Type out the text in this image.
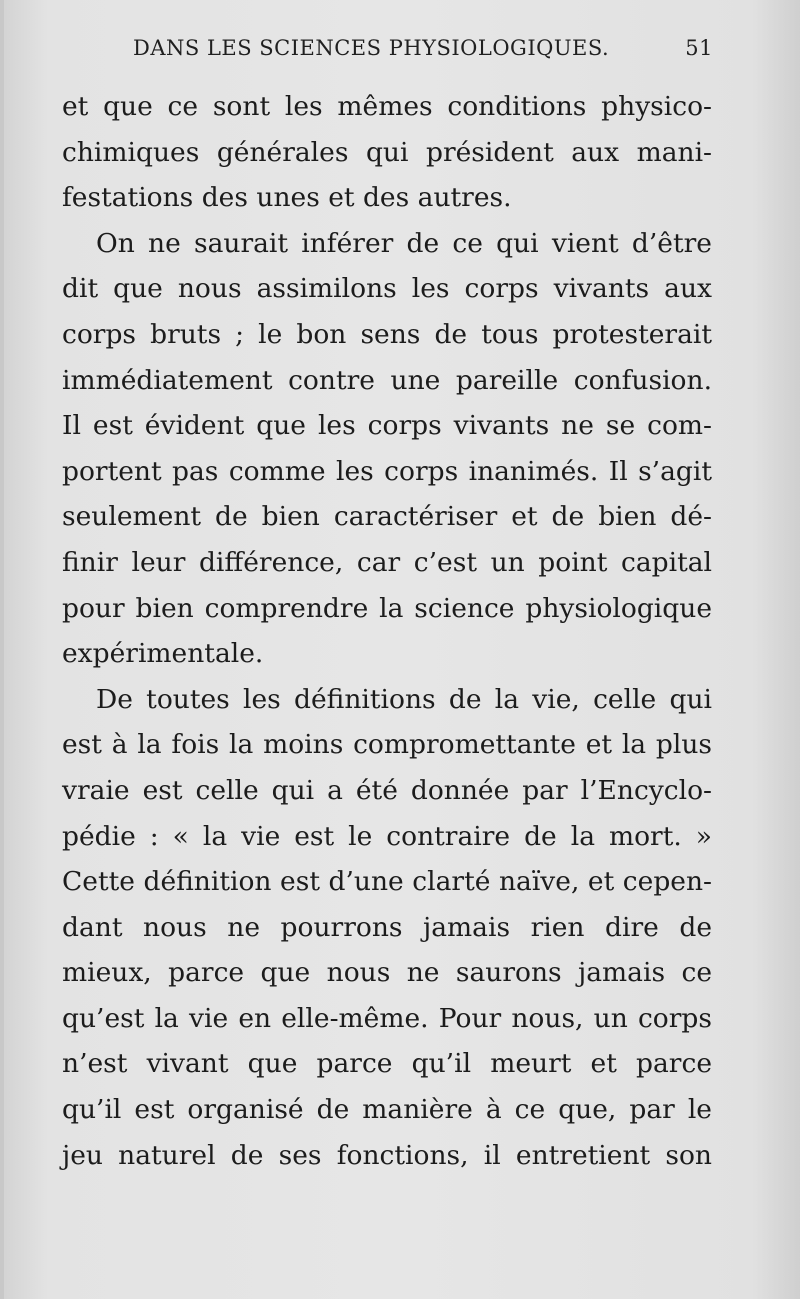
DANS LES SCIENCES PHYSIOLOGIQUES.	51
et que ce sont les mêmes conditions physico-
chimiques générales qui président aux mani-
festations des unes et des autres.
On ne saurait inférer de ce qui vient d’être
dit que nous assimilons les corps vivants aux
corps bruts ; le bon sens de tous protesterait
immédiatement contre une pareille confusion.
Il est évident que les corps vivants ne se com-
portent pas comme les corps inanimés. Il s’agit
seulement de bien caractériser et de bien dé-
finir leur différence, car c’est un point capital
pour bien comprendre la science physiologique
expérimentale.
De toutes les définitions de la vie, celle qui
est à la fois la moins compromettante et la plus
vraie est celle qui a été donnée par l’Encyclo-
pédie : « la vie est le contraire de la mort. »
Cette définition est d’une clarté naïve, et cepen-
dant nous ne pourrons jamais rien dire de
mieux, parce que nous ne saurons jamais ce
qu’est la vie en elle-même. Pour nous, un corps
n’est vivant que parce qu’il meurt et parce
qu’il est organisé de manière à ce que, par le
jeu naturel de ses fonctions, il entretient son
